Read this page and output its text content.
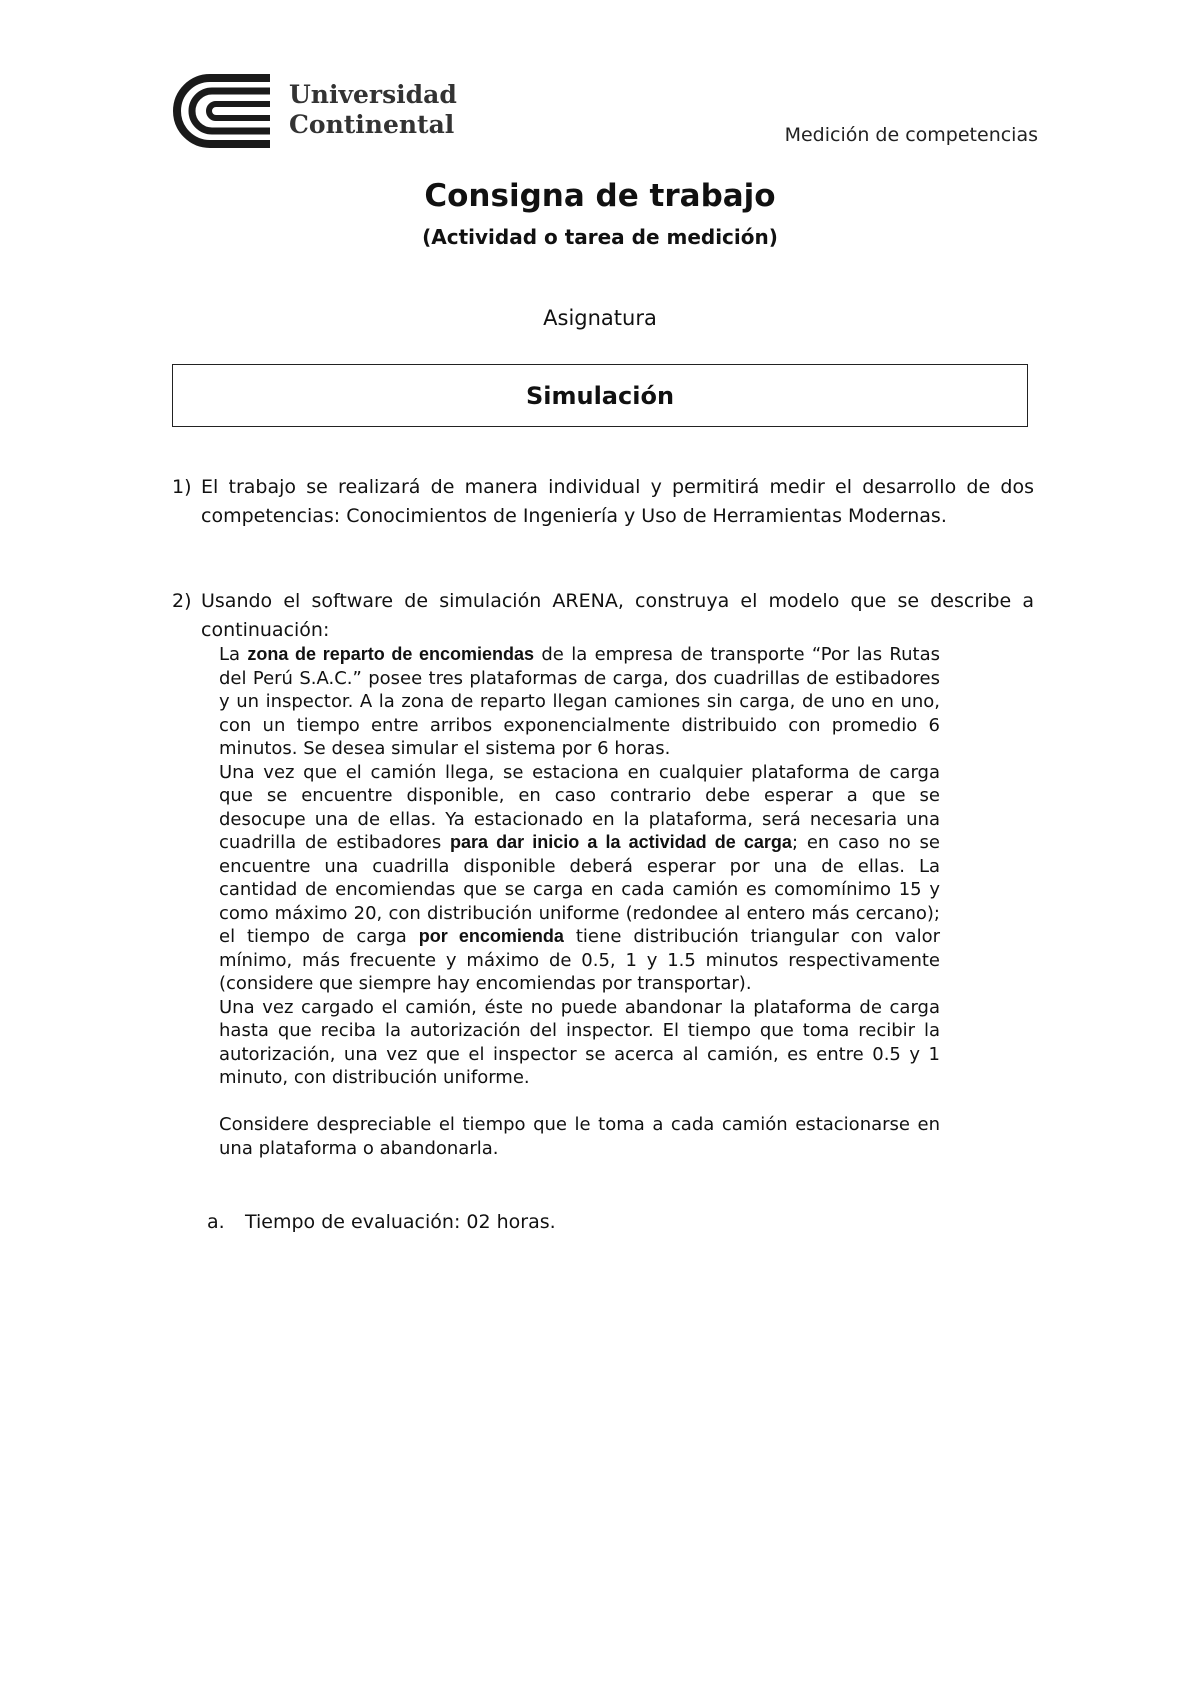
Universidad
Continental	Medición de competencias
Consigna de trabajo
(Actividad o tarea de medición)
Asignatura
Simulación
1) El trabajo se realizará de manera individual y permitirá medir el desarrollo de dos competencias: Conocimientos de Ingeniería y Uso de Herramientas Modernas.
2) Usando el software de simulación ARENA, construya el modelo que se describe a continuación:

La zona de reparto de encomiendas de la empresa de transporte “Por las Rutas del Perú S.A.C.” posee tres plataformas de carga, dos cuadrillas de estibadores y un inspector. A la zona de reparto llegan camiones sin carga, de uno en uno, con un tiempo entre arribos exponencialmente distribuido con promedio 6 minutos. Se desea simular el sistema por 6 horas.

Una vez que el camión llega, se estaciona en cualquier plataforma de carga que se encuentre disponible, en caso contrario debe esperar a que se desocupe una de ellas. Ya estacionado en la plataforma, será necesaria una cuadrilla de estibadores para dar inicio a la actividad de carga; en caso no se encuentre una cuadrilla disponible deberá esperar por una de ellas. La cantidad de encomiendas que se carga en cada camión es comomínimo 15 y como máximo 20, con distribución uniforme (redondee al entero más cercano); el tiempo de carga por encomienda tiene distribución triangular con valor mínimo, más frecuente y máximo de 0.5, 1 y 1.5 minutos respectivamente (considere que siempre hay encomiendas por transportar).

Una vez cargado el camión, éste no puede abandonar la plataforma de carga hasta que reciba la autorización del inspector. El tiempo que toma recibir la autorización, una vez que el inspector se acerca al camión, es entre 0.5 y 1 minuto, con distribución uniforme.

Considere despreciable el tiempo que le toma a cada camión estacionarse en una plataforma o abandonarla.

a. Tiempo de evaluación: 02 horas.
